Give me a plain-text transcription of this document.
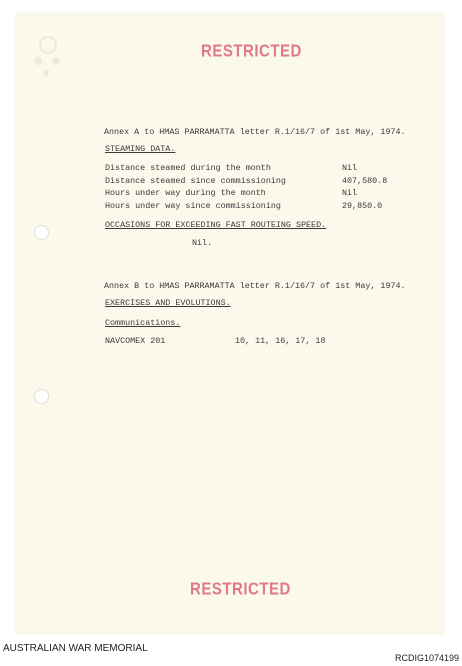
RESTRICTED
Annex A to HMAS PARRAMATTA letter R.1/16/7 of 1st May, 1974.
STEAMING DATA.
Distance steamed during the month	Nil
Distance steamed since commissioning	407,580.8
Hours under way during the month	Nil
Hours under way since commissioning	29,850.0
OCCASIONS FOR EXCEEDING FAST ROUTEING SPEED.
Nil.
Annex B to HMAS PARRAMATTA letter R.1/16/7 of 1st May, 1974.
EXERCISES AND EVOLUTIONS.
Communications.
NAVCOMEX 201	10, 11, 16, 17, 18
RESTRICTED
AUSTRALIAN WAR MEMORIAL
RCDIG1074199
